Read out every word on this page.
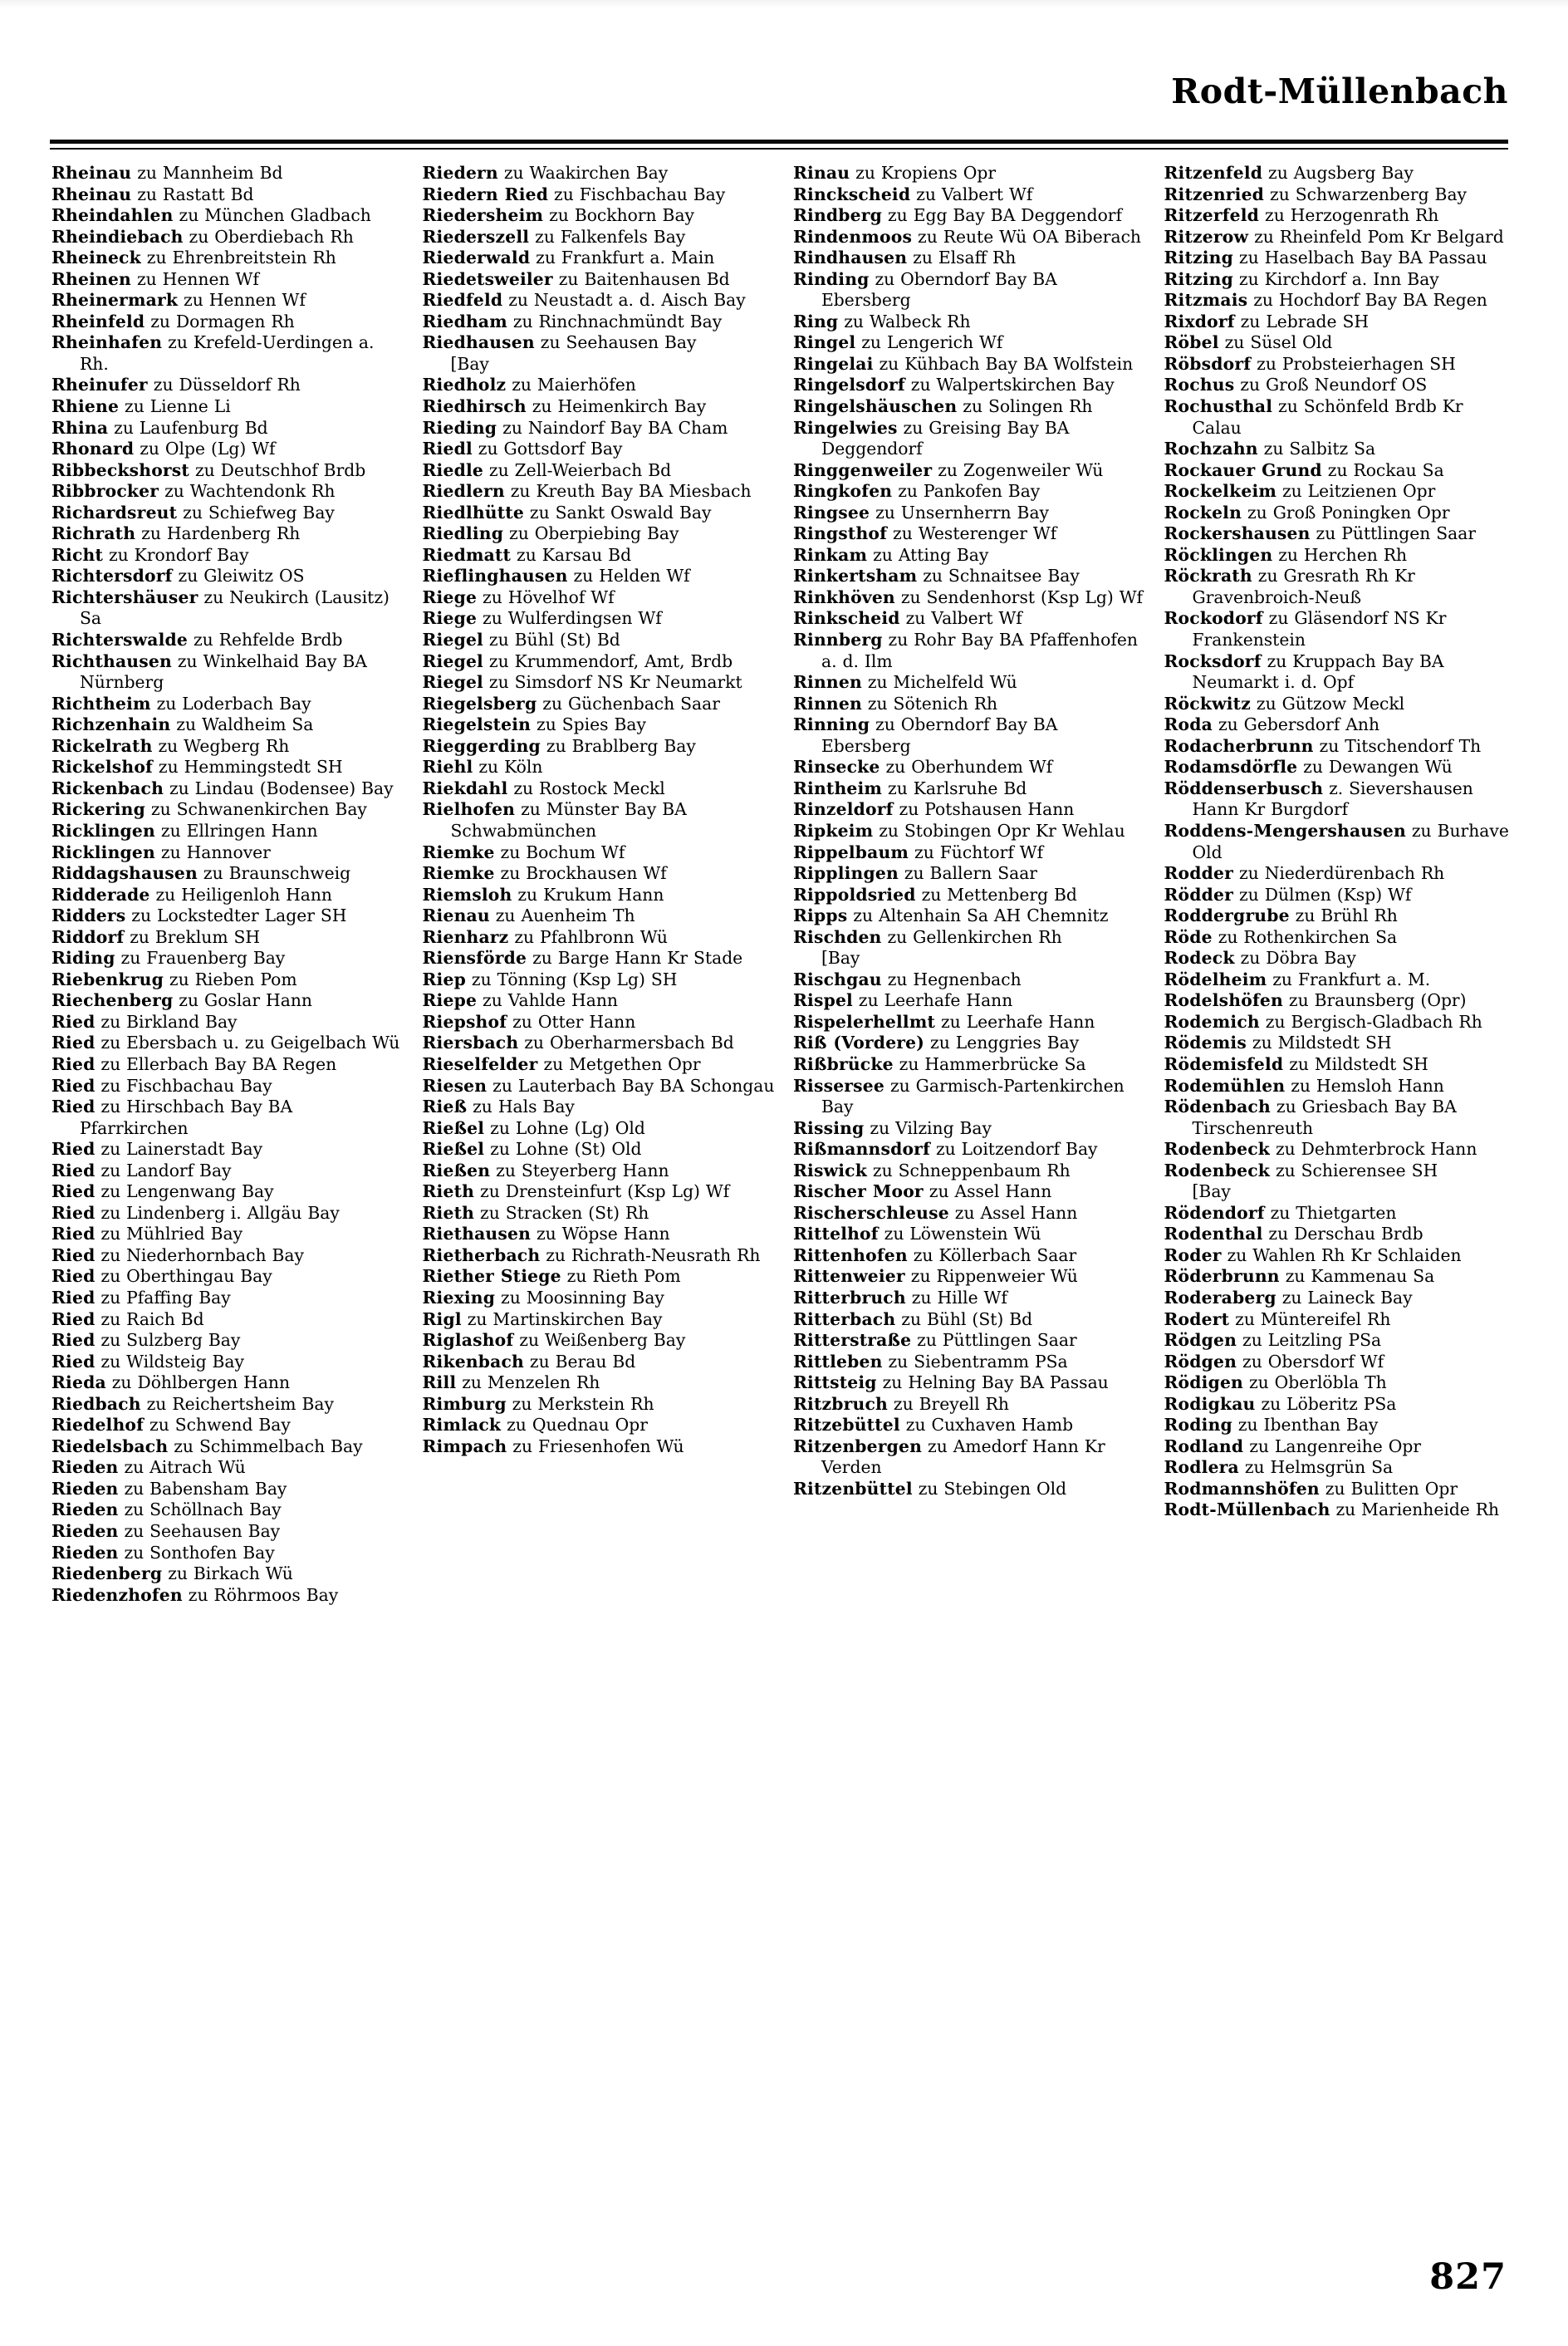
Rodt-Müllenbach

Rheinau zu Mannheim Bd

Rheinau zu Rastatt Bd

Rheindahlen zu München Gladbach

Rheindiebach zu Oberdiebach Rh

Rheineck zu Ehrenbreitstein Rh

Rheinen zu Hennen Wf

Rheinermark zu Hennen Wf

Rheinfeld zu Dormagen Rh

Rheinhafen zu Krefeld-Uerdingen a. Rh.

Rheinufer zu Düsseldorf Rh

Rhiene zu Lienne Li

Rhina zu Laufenburg Bd

Rhonard zu Olpe (Lg) Wf

Ribbeckshorst zu Deutschhof Brdb

Ribbrocker zu Wachtendonk Rh

Richardsreut zu Schiefweg Bay

Richrath zu Hardenberg Rh

Richt zu Krondorf Bay

Richtersdorf zu Gleiwitz OS

Richtershäuser zu Neukirch (Lausitz) Sa

Richterswalde zu Rehfelde Brdb

Richthausen zu Winkelhaid Bay BA Nürnberg

Richtheim zu Loderbach Bay

Richzenhain zu Waldheim Sa

Rickelrath zu Wegberg Rh

Rickelshof zu Hemmingstedt SH

Rickenbach zu Lindau (Bodensee) Bay

Rickering zu Schwanenkirchen Bay

Ricklingen zu Ellringen Hann

Ricklingen zu Hannover

Riddagshausen zu Braunschweig

Ridderade zu Heiligenloh Hann

Ridders zu Lockstedter Lager SH

Riddorf zu Breklum SH

Riding zu Frauenberg Bay

Riebenkrug zu Rieben Pom

Riechenberg zu Goslar Hann

Ried zu Birkland Bay

Ried zu Ebersbach u. zu Geigelbach Wü

Ried zu Ellerbach Bay BA Regen

Ried zu Fischbachau Bay

Ried zu Hirschbach Bay BA Pfarrkirchen

Ried zu Lainerstadt Bay

Ried zu Landorf Bay

Ried zu Lengenwang Bay

Ried zu Lindenberg i. Allgäu Bay

Ried zu Mühlried Bay

Ried zu Niederhornbach Bay

Ried zu Oberthingau Bay

Ried zu Pfaffing Bay

Ried zu Raich Bd

Ried zu Sulzberg Bay

Ried zu Wildsteig Bay

Rieda zu Döhlbergen Hann

Riedbach zu Reichertsheim Bay

Riedelhof zu Schwend Bay

Riedelsbach zu Schimmelbach Bay

Rieden zu Aitrach Wü

Rieden zu Babensham Bay

Rieden zu Schöllnach Bay

Rieden zu Seehausen Bay

Rieden zu Sonthofen Bay

Riedenberg zu Birkach Wü

Riedenzhofen zu Röhrmoos Bay

Riedern zu Waakirchen Bay

Riedern Ried zu Fischbachau Bay

Riedersheim zu Bockhorn Bay

Riederszell zu Falkenfels Bay

Riederwald zu Frankfurt a. Main

Riedetsweiler zu Baitenhausen Bd

Riedfeld zu Neustadt a. d. Aisch Bay

Riedham zu Rinchnachmündt Bay

Riedhausen zu Seehausen Bay                [Bay

Riedholz zu Maierhöfen

Riedhirsch zu Heimenkirch Bay

Rieding zu Naindorf Bay BA Cham

Riedl zu Gottsdorf Bay

Riedle zu Zell-Weierbach Bd

Riedlern zu Kreuth Bay BA Miesbach

Riedlhütte zu Sankt Oswald Bay

Riedling zu Oberpiebing Bay

Riedmatt zu Karsau Bd

Rieflinghausen zu Helden Wf

Riege zu Hövelhof Wf

Riege zu Wulferdingsen Wf

Riegel zu Bühl (St) Bd

Riegel zu Krummendorf, Amt, Brdb

Riegel zu Simsdorf NS Kr Neumarkt

Riegelsberg zu Güchenbach Saar

Riegelstein zu Spies Bay

Rieggerding zu Brablberg Bay

Riehl zu Köln

Riekdahl zu Rostock Meckl

Rielhofen zu Münster Bay BA Schwabmünchen

Riemke zu Bochum Wf

Riemke zu Brockhausen Wf

Riemsloh zu Krukum Hann

Rienau zu Auenheim Th

Rienharz zu Pfahlbronn Wü

Riensförde zu Barge Hann Kr Stade

Riep zu Tönning (Ksp Lg) SH

Riepe zu Vahlde Hann

Riepshof zu Otter Hann

Riersbach zu Oberharmersbach Bd

Rieselfelder zu Metgethen Opr

Riesen zu Lauterbach Bay BA Schongau

Rieß zu Hals Bay

Rießel zu Lohne (Lg) Old

Rießel zu Lohne (St) Old

Rießen zu Steyerberg Hann

Rieth zu Drensteinfurt (Ksp Lg) Wf

Rieth zu Stracken (St) Rh

Riethausen zu Wöpse Hann

Rietherbach zu Richrath-Neusrath Rh

Riether Stiege zu Rieth Pom

Riexing zu Moosinning Bay

Rigl zu Martinskirchen Bay

Riglashof zu Weißenberg Bay

Rikenbach zu Berau Bd

Rill zu Menzelen Rh

Rimburg zu Merkstein Rh

Rimlack zu Quednau Opr

Rimpach zu Friesenhofen Wü

Rinau zu Kropiens Opr

Rinckscheid zu Valbert Wf

Rindberg zu Egg Bay BA Deggendorf

Rindenmoos zu Reute Wü OA Biberach

Rindhausen zu Elsaff Rh

Rinding zu Oberndorf Bay BA Ebersberg

Ring zu Walbeck Rh

Ringel zu Lengerich Wf

Ringelai zu Kühbach Bay BA Wolfstein

Ringelsdorf zu Walpertskirchen Bay

Ringelshäuschen zu Solingen Rh

Ringelwies zu Greising Bay BA Deggendorf

Ringgenweiler zu Zogenweiler Wü

Ringkofen zu Pankofen Bay

Ringsee zu Unsernherrn Bay

Ringsthof zu Westerenger Wf

Rinkam zu Atting Bay

Rinkertsham zu Schnaitsee Bay

Rinkhöven zu Sendenhorst (Ksp Lg) Wf

Rinkscheid zu Valbert Wf

Rinnberg zu Rohr Bay BA Pfaffenhofen a. d. Ilm

Rinnen zu Michelfeld Wü

Rinnen zu Sötenich Rh

Rinning zu Oberndorf Bay BA Ebersberg

Rinsecke zu Oberhundem Wf

Rintheim zu Karlsruhe Bd

Rinzeldorf zu Potshausen Hann

Ripkeim zu Stobingen Opr Kr Wehlau

Rippelbaum zu Füchtorf Wf

Ripplingen zu Ballern Saar

Rippoldsried zu Mettenberg Bd

Ripps zu Altenhain Sa AH Chemnitz

Rischden zu Gellenkirchen Rh                [Bay

Rischgau zu Hegnenbach

Rispel zu Leerhafe Hann

Rispelerhellmt zu Leerhafe Hann

Riß (Vordere) zu Lenggries Bay

Rißbrücke zu Hammerbrücke Sa

Rissersee zu Garmisch-Partenkirchen Bay

Rissing zu Vilzing Bay

Rißmannsdorf zu Loitzendorf Bay

Riswick zu Schneppenbaum Rh

Rischer Moor zu Assel Hann

Rischerschleuse zu Assel Hann

Rittelhof zu Löwenstein Wü

Rittenhofen zu Köllerbach Saar

Rittenweier zu Rippenweier Wü

Ritterbruch zu Hille Wf

Ritterbach zu Bühl (St) Bd

Ritterstraße zu Püttlingen Saar

Rittleben zu Siebentramm PSa

Rittsteig zu Helning Bay BA Passau

Ritzbruch zu Breyell Rh

Ritzebüttel zu Cuxhaven Hamb

Ritzenbergen zu Amedorf Hann Kr Verden

Ritzenbüttel zu Stebingen Old

Ritzenfeld zu Augsberg Bay

Ritzenried zu Schwarzenberg Bay

Ritzerfeld zu Herzogenrath Rh

Ritzerow zu Rheinfeld Pom Kr Belgard

Ritzing zu Haselbach Bay BA Passau

Ritzing zu Kirchdorf a. Inn Bay

Ritzmais zu Hochdorf Bay BA Regen

Rixdorf zu Lebrade SH

Röbel zu Süsel Old

Röbsdorf zu Probsteierhagen SH

Rochus zu Groß Neundorf OS

Rochusthal zu Schönfeld Brdb Kr Calau

Rochzahn zu Salbitz Sa

Rockauer Grund zu Rockau Sa

Rockelkeim zu Leitzienen Opr

Rockeln zu Groß Poningken Opr

Rockershausen zu Püttlingen Saar

Röcklingen zu Herchen Rh

Röckrath zu Gresrath Rh Kr Gravenbroich-Neuß

Rockodorf zu Gläsendorf NS Kr Frankenstein

Rocksdorf zu Kruppach Bay BA Neumarkt i. d. Opf

Röckwitz zu Gützow Meckl

Roda zu Gebersdorf Anh

Rodacherbrunn zu Titschendorf Th

Rodamsdörfle zu Dewangen Wü

Röddenserbusch z. Sievershausen Hann Kr Burgdorf

Roddens-Mengershausen zu Burhave Old

Rodder zu Niederdürenbach Rh

Rödder zu Dülmen (Ksp) Wf

Roddergrube zu Brühl Rh

Röde zu Rothenkirchen Sa

Rodeck zu Döbra Bay

Rödelheim zu Frankfurt a. M.

Rodelshöfen zu Braunsberg (Opr)

Rodemich zu Bergisch-Gladbach Rh

Rödemis zu Mildstedt SH

Rödemisfeld zu Mildstedt SH

Rodemühlen zu Hemsloh Hann

Rödenbach zu Griesbach Bay BA Tirschenreuth

Rodenbeck zu Dehmterbrock Hann

Rodenbeck zu Schierensee SH                [Bay

Rödendorf zu Thietgarten

Rodenthal zu Derschau Brdb

Roder zu Wahlen Rh Kr Schlaiden

Röderbrunn zu Kammenau Sa

Roderaberg zu Laineck Bay

Rodert zu Müntereifel Rh

Rödgen zu Leitzling PSa

Rödgen zu Obersdorf Wf

Rödigen zu Oberlöbla Th

Rodigkau zu Löberitz PSa

Roding zu Ibenthan Bay

Rodland zu Langenreihe Opr

Rodlera zu Helmsgrün Sa

Rodmannshöfen zu Bulitten Opr

Rodt-Müllenbach zu Marienheide Rh

827
